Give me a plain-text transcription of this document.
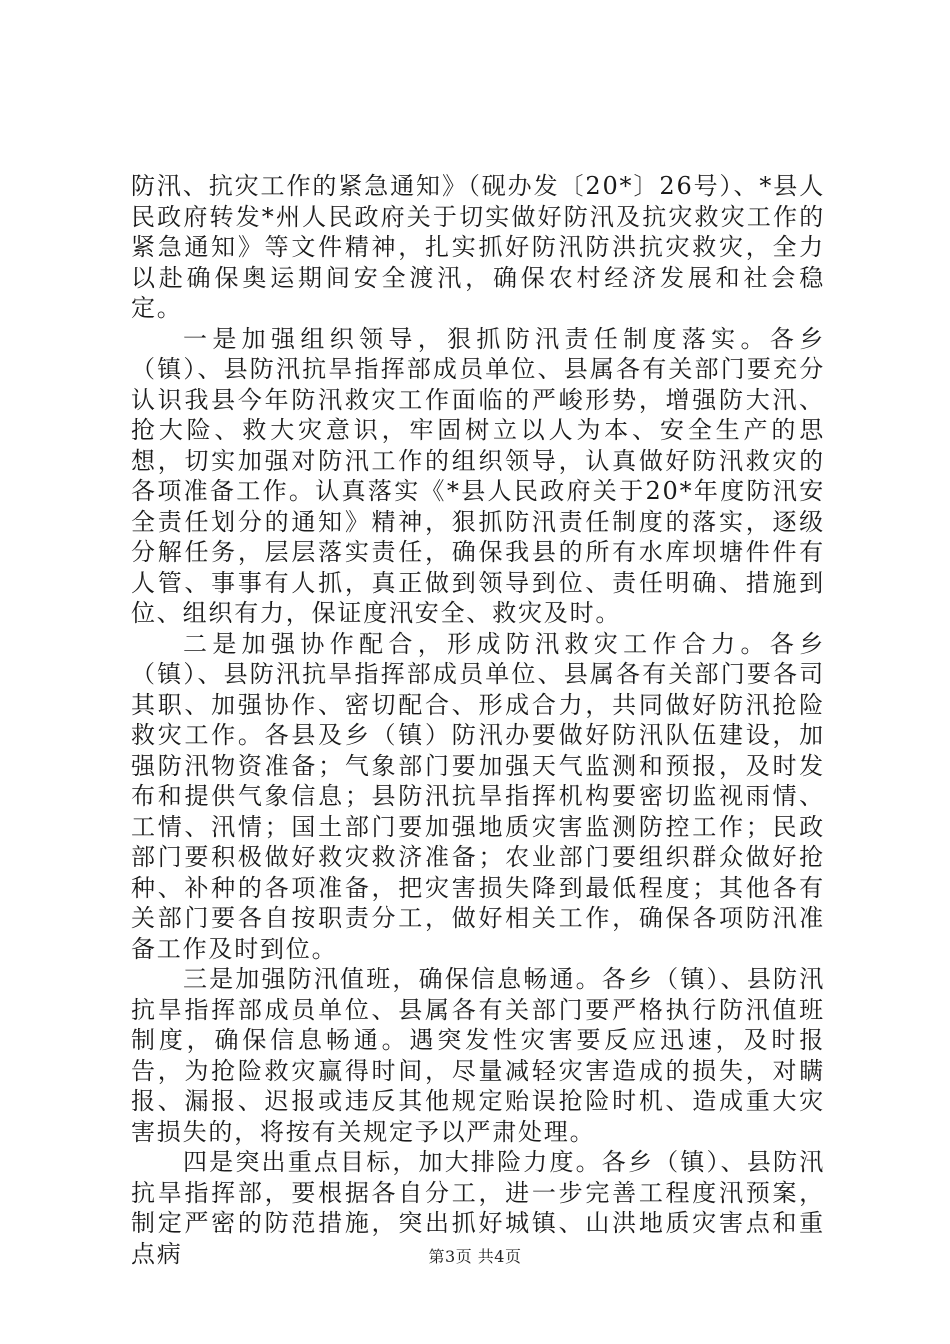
防汛、抗灾工作的紧急通知》（砚办发〔20*〕26号）、*县人民政府转发*州人民政府关于切实做好防汛及抗灾救灾工作的紧急通知》等文件精神，扎实抓好防汛防洪抗灾救灾，全力以赴确保奥运期间安全渡汛，确保农村经济发展和社会稳定。

一是加强组织领导，狠抓防汛责任制度落实。各乡（镇）、县防汛抗旱指挥部成员单位、县属各有关部门要充分认识我县今年防汛救灾工作面临的严峻形势，增强防大汛、抢大险、救大灾意识，牢固树立以人为本、安全生产的思想，切实加强对防汛工作的组织领导，认真做好防汛救灾的各项准备工作。认真落实《*县人民政府关于20*年度防汛安全责任划分的通知》精神，狠抓防汛责任制度的落实，逐级分解任务，层层落实责任，确保我县的所有水库坝塘件件有人管、事事有人抓，真正做到领导到位、责任明确、措施到位、组织有力，保证度汛安全、救灾及时。

二是加强协作配合，形成防汛救灾工作合力。各乡（镇）、县防汛抗旱指挥部成员单位、县属各有关部门要各司其职、加强协作、密切配合、形成合力，共同做好防汛抢险救灾工作。各县及乡（镇）防汛办要做好防汛队伍建设，加强防汛物资准备；气象部门要加强天气监测和预报，及时发布和提供气象信息；县防汛抗旱指挥机构要密切监视雨情、工情、汛情；国土部门要加强地质灾害监测防控工作；民政部门要积极做好救灾救济准备；农业部门要组织群众做好抢种、补种的各项准备，把灾害损失降到最低程度；其他各有关部门要各自按职责分工，做好相关工作，确保各项防汛准备工作及时到位。

三是加强防汛值班，确保信息畅通。各乡（镇）、县防汛抗旱指挥部成员单位、县属各有关部门要严格执行防汛值班制度，确保信息畅通。遇突发性灾害要反应迅速，及时报告，为抢险救灾赢得时间，尽量减轻灾害造成的损失，对瞒报、漏报、迟报或违反其他规定贻误抢险时机、造成重大灾害损失的，将按有关规定予以严肃处理。

四是突出重点目标，加大排险力度。各乡（镇）、县防汛抗旱指挥部，要根据各自分工，进一步完善工程度汛预案，制定严密的防范措施，突出抓好城镇、山洪地质灾害点和重点病	第3页 共4页
